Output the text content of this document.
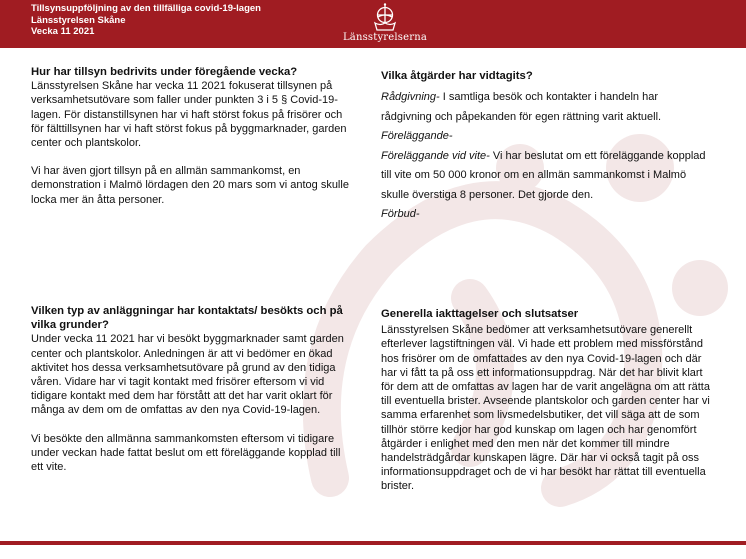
Tillsynsuppföljning av den tillfälliga covid-19-lagen
Länsstyrelsen Skåne
Vecka 11 2021
Länsstyrelserna
Hur har tillsyn bedrivits under föregående vecka?

Länsstyrelsen Skåne har vecka 11 2021 fokuserat tillsynen på verksamhetsutövare som faller under punkten 3 i 5 § Covid-19-lagen. För distanstillsynen har vi haft störst fokus på frisörer och för fälttillsynen har vi haft störst fokus på byggmarknader, garden center och plantskolor.

Vi har även gjort tillsyn på en allmän sammankomst, en demonstration i Malmö lördagen den 20 mars som vi antog skulle locka mer än åtta personer.

Vilka åtgärder har vidtagits?

Rådgivning- I samtliga besök och kontakter i handeln har rådgivning och påpekanden för egen rättning varit aktuell.

Föreläggande-

Föreläggande vid vite- Vi har beslutat om ett föreläggande kopplad till vite om 50 000 kronor om en allmän sammankomst i Malmö skulle överstiga 8 personer. Det gjorde den.

Förbud-

Vilken typ av anläggningar har kontaktats/ besökts och på vilka grunder?

Under vecka 11 2021 har vi besökt byggmarknader samt garden center och plantskolor. Anledningen är att vi bedömer en ökad aktivitet hos dessa verksamhetsutövare på grund av den tidiga våren. Vidare har vi tagit kontakt med frisörer eftersom vi vid tidigare kontakt med dem har förstått att det har varit oklart för många av dem om de omfattas av den nya Covid-19-lagen.

Vi besökte den allmänna sammankomsten eftersom vi tidigare under veckan hade fattat beslut om ett föreläggande kopplad till ett vite.

Generella iakttagelser och slutsatser

Länsstyrelsen Skåne bedömer att verksamhetsutövare generellt efterlever lagstiftningen väl. Vi hade ett problem med missförstånd hos frisörer om de omfattades av den nya Covid-19-lagen och där har vi fått ta på oss ett informationsuppdrag. När det har blivit klart för dem att de omfattas av lagen har de varit angelägna om att rätta till eventuella brister. Avseende plantskolor och garden center har vi samma erfarenhet som livsmedelsbutiker, det vill säga att de som tillhör större kedjor har god kunskap om lagen och har genomfört åtgärder i enlighet med den men när det kommer till mindre handelsträdgårdar kunskapen lägre. Där har vi också tagit på oss informationsuppdraget och de vi har besökt har rättat till eventuella brister.
